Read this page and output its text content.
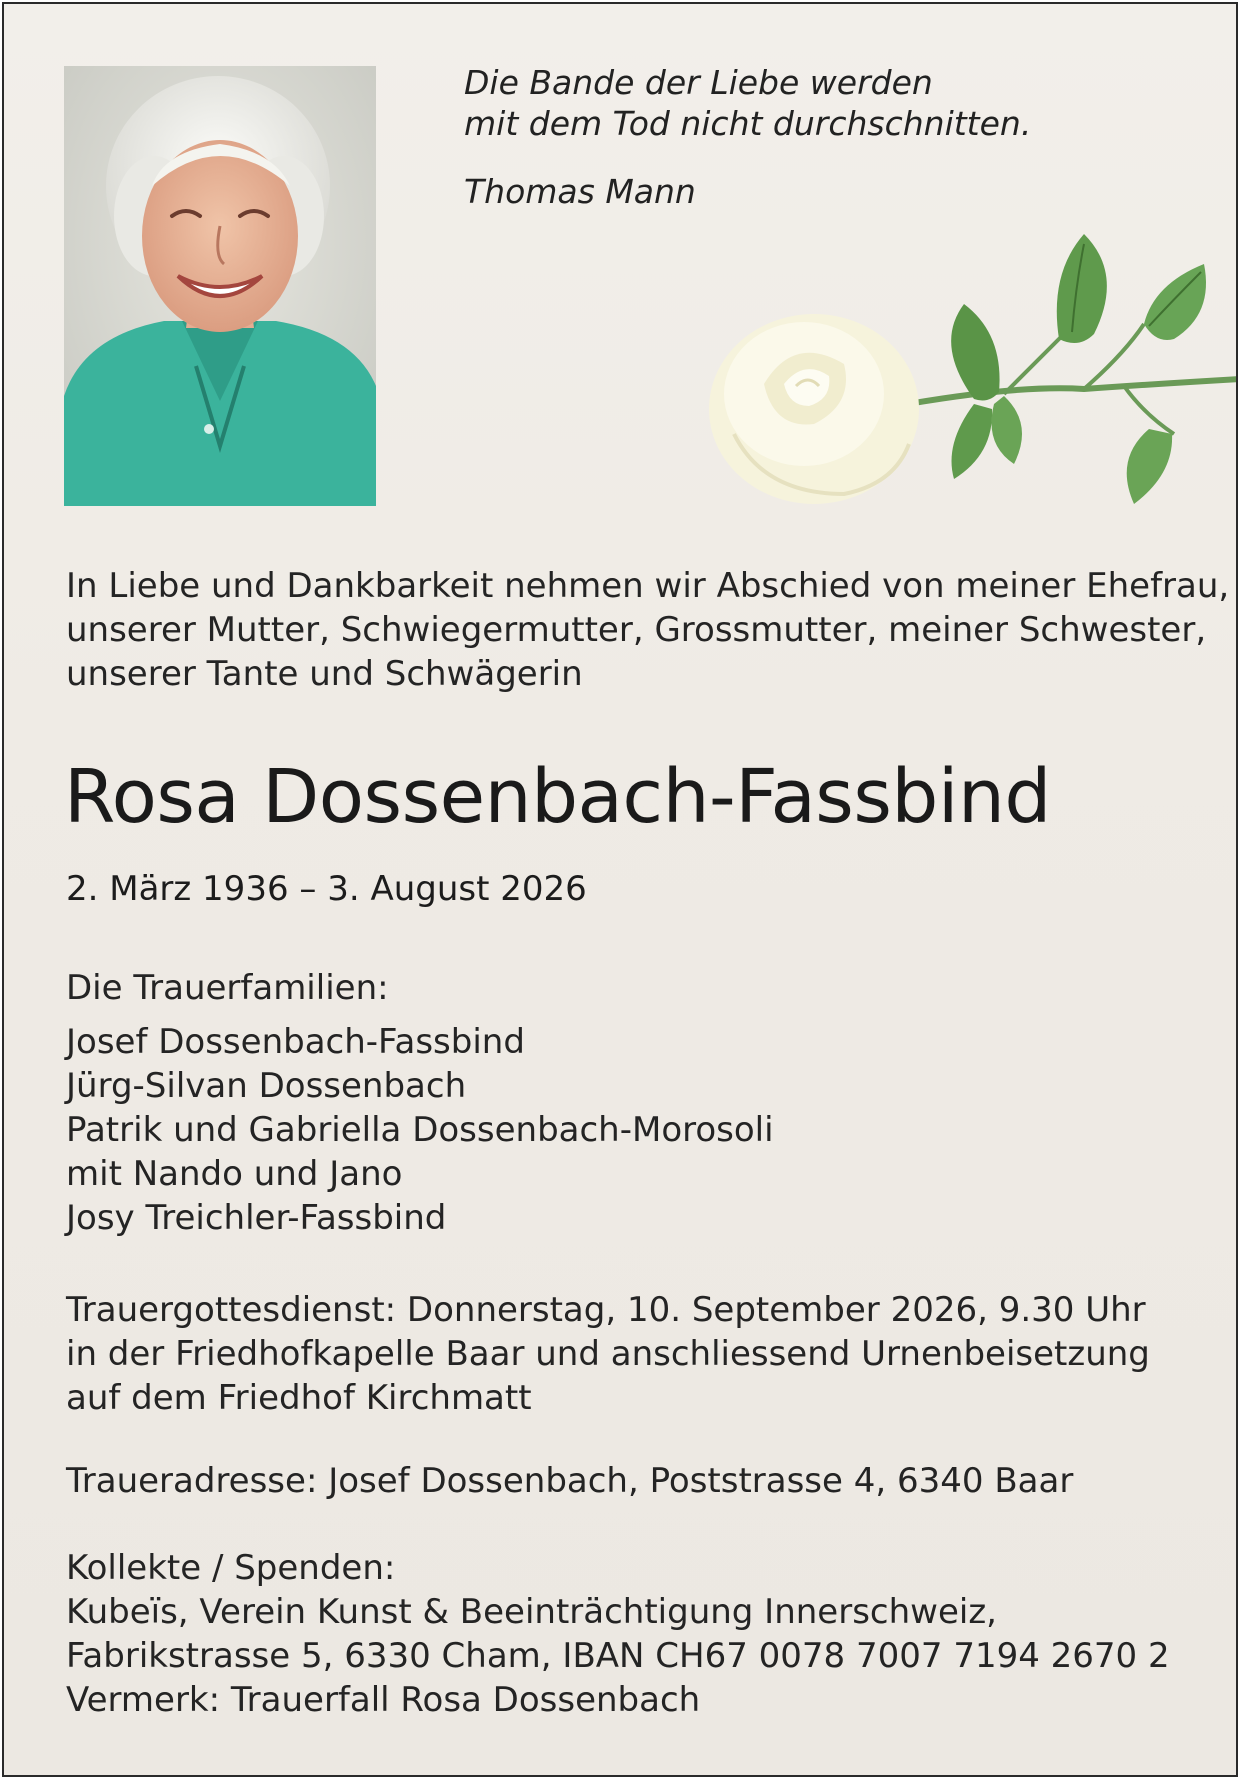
Die Bande der Liebe werden

mit dem Tod nicht durchschnitten.

Thomas Mann

In Liebe und Dankbarkeit nehmen wir Abschied von meiner Ehefrau,
unserer Mutter, Schwiegermutter, Grossmutter, meiner Schwester,
unserer Tante und Schwägerin
Rosa Dossenbach-Fassbind
2. März 1936 – 3. August 2026
Die Trauerfamilien:
Josef Dossenbach-Fassbind
Jürg-Silvan Dossenbach
Patrik und Gabriella Dossenbach-Morosoli
mit Nando und Jano
Josy Treichler-Fassbind
Trauergottesdienst: Donnerstag, 10. September 2026, 9.30 Uhr
in der Friedhofkapelle Baar und anschliessend Urnenbeisetzung
auf dem Friedhof Kirchmatt
Traueradresse: Josef Dossenbach, Poststrasse 4, 6340 Baar
Kollekte / Spenden:
Kubeïs, Verein Kunst & Beeinträchtigung Innerschweiz,
Fabrikstrasse 5, 6330 Cham, IBAN CH67 0078 7007 7194 2670 2
Vermerk: Trauerfall Rosa Dossenbach
